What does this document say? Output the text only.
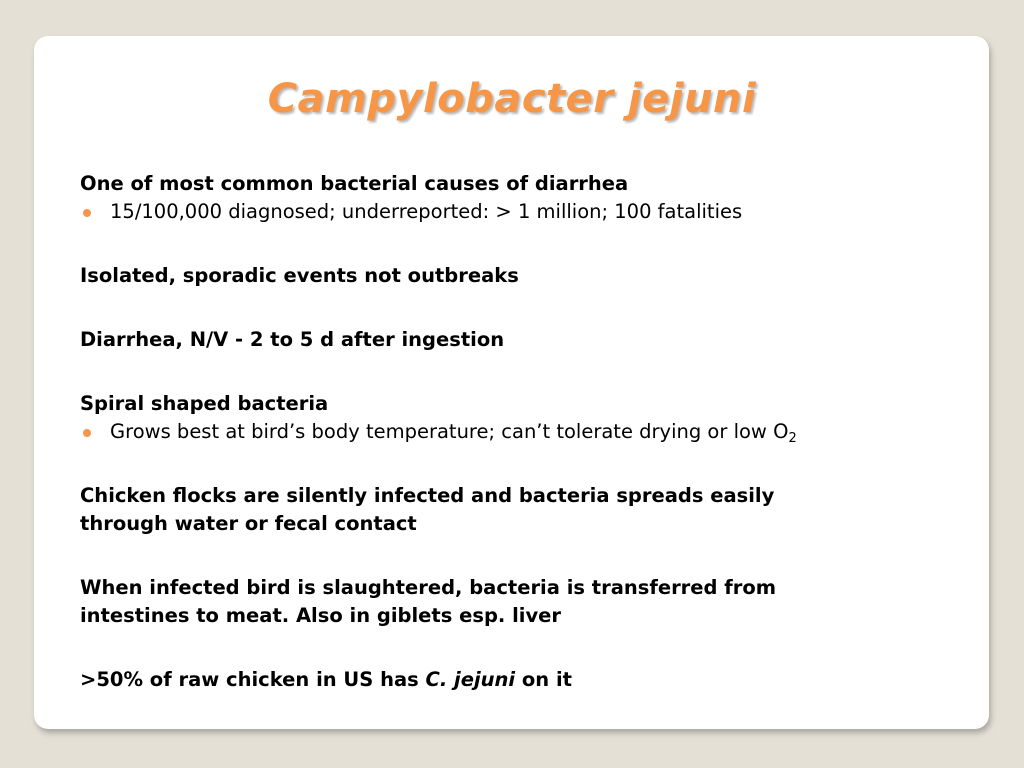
Campylobacter jejuni
One of most common bacterial causes of diarrhea
15/100,000 diagnosed; underreported: > 1 million; 100 fatalities
Isolated, sporadic events not outbreaks
Diarrhea, N/V - 2 to 5 d after ingestion
Spiral shaped bacteria
Grows best at bird’s body temperature; can’t tolerate drying or low $O_2$
Chicken flocks are silently infected and bacteria spreads easily
through water or fecal contact
When infected bird is slaughtered, bacteria is transferred from
intestines to meat. Also in giblets esp. liver
>50% of raw chicken in US has C. jejuni on it
